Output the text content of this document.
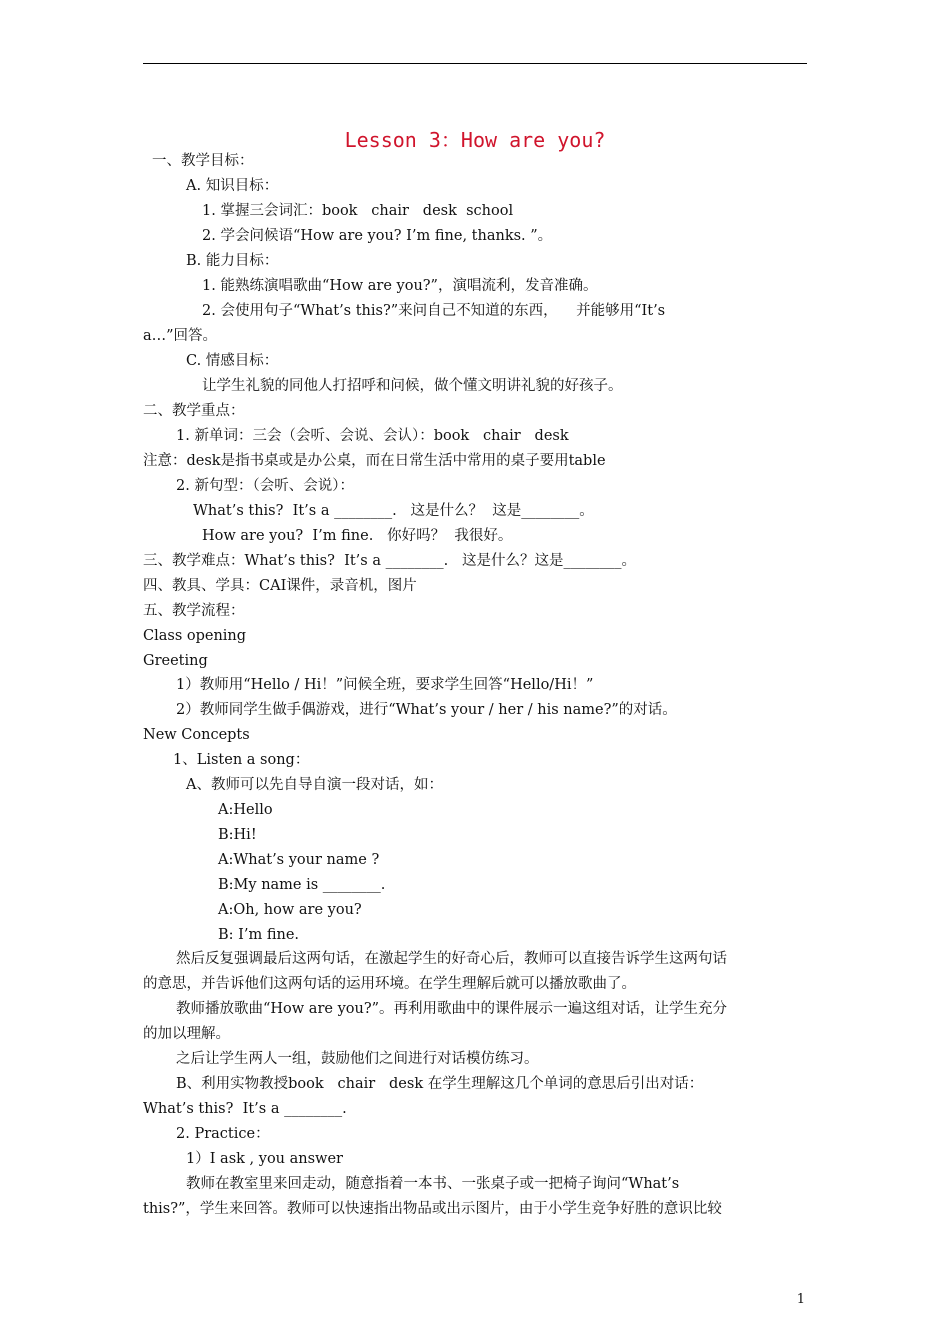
Lesson 3：How are you?
一、教学目标：
A. 知识目标：
1. 掌握三会词汇：book   chair   desk  school
2. 学会问候语“How are you? I’m fine, thanks. ”。
B. 能力目标：
1. 能熟练演唱歌曲“How are you?”，演唱流利，发音准确。
2. 会使用句子“What’s this?”来问自己不知道的东西，    并能够用“It’s
a…”回答。
C. 情感目标：
让学生礼貌的同他人打招呼和问候，做个懂文明讲礼貌的好孩子。
二、教学重点：
1. 新单词：三会（会听、会说、会认）：book   chair   desk
注意：desk是指书桌或是办公桌，而在日常生活中常用的桌子要用table
2. 新句型：（会听、会说）：
What’s this?  It’s a ________.   这是什么？  这是________。
How are you?  I’m fine.   你好吗？  我很好。
三、教学难点：What’s this?  It’s a ________.   这是什么？这是________。
四、教具、学具：CAI课件，录音机，图片
五、教学流程：
Class opening
Greeting
1）教师用“Hello / Hi！”问候全班，要求学生回答“Hello/Hi！”
2）教师同学生做手偶游戏，进行“What’s your / her / his name?”的对话。
New Concepts
1、Listen a song：
A、教师可以先自导自演一段对话，如：
A:Hello
B:Hi!
A:What’s your name ?
B:My name is ________.
A:Oh, how are you?
B: I’m fine.
然后反复强调最后这两句话，在激起学生的好奇心后，教师可以直接告诉学生这两句话
的意思，并告诉他们这两句话的运用环境。在学生理解后就可以播放歌曲了。
教师播放歌曲“How are you?”。再利用歌曲中的课件展示一遍这组对话，让学生充分
的加以理解。
之后让学生两人一组，鼓励他们之间进行对话模仿练习。
B、利用实物教授book   chair   desk 在学生理解这几个单词的意思后引出对话：
What’s this?  It’s a ________.
2. Practice：
1）I ask , you answer
教师在教室里来回走动，随意指着一本书、一张桌子或一把椅子询问“What’s
this?”，学生来回答。教师可以快速指出物品或出示图片，由于小学生竞争好胜的意识比较
1
